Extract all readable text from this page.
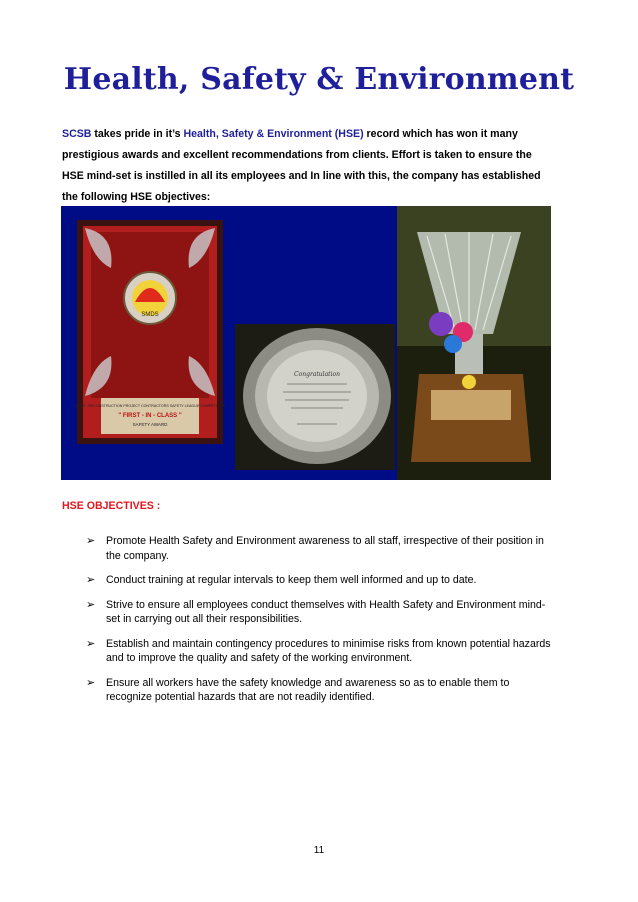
Health, Safety & Environment
SCSB takes pride in it’s Health, Safety & Environment (HSE) record which has won it many prestigious awards and excellent recommendations from clients. Effort is taken to ensure the HSE mind-set is instilled in all its employees and In line with this, the company has established the following HSE objectives:
SMDS
SMDS - RECONSTRUCTION PROJECT CONTRACTORS SAFETY LEAGUE COMPETITION
" FIRST - IN - CLASS "
SAFETY AWARD
Congratulation
HSE OBJECTIVES :
➢ Promote Health Safety and Environment awareness to all staff, irrespective of their position in the company.
➢ Conduct training at regular intervals to keep them well informed and up to date.
➢ Strive to ensure all employees conduct themselves with Health Safety and Environment mind-set in carrying out all their responsibilities.
➢ Establish and maintain contingency procedures to minimise risks from known potential hazards and to improve the quality and safety of the working environment.
➢ Ensure all workers have the safety knowledge and awareness so as to enable them to recognize potential hazards that are not readily identified.
11
